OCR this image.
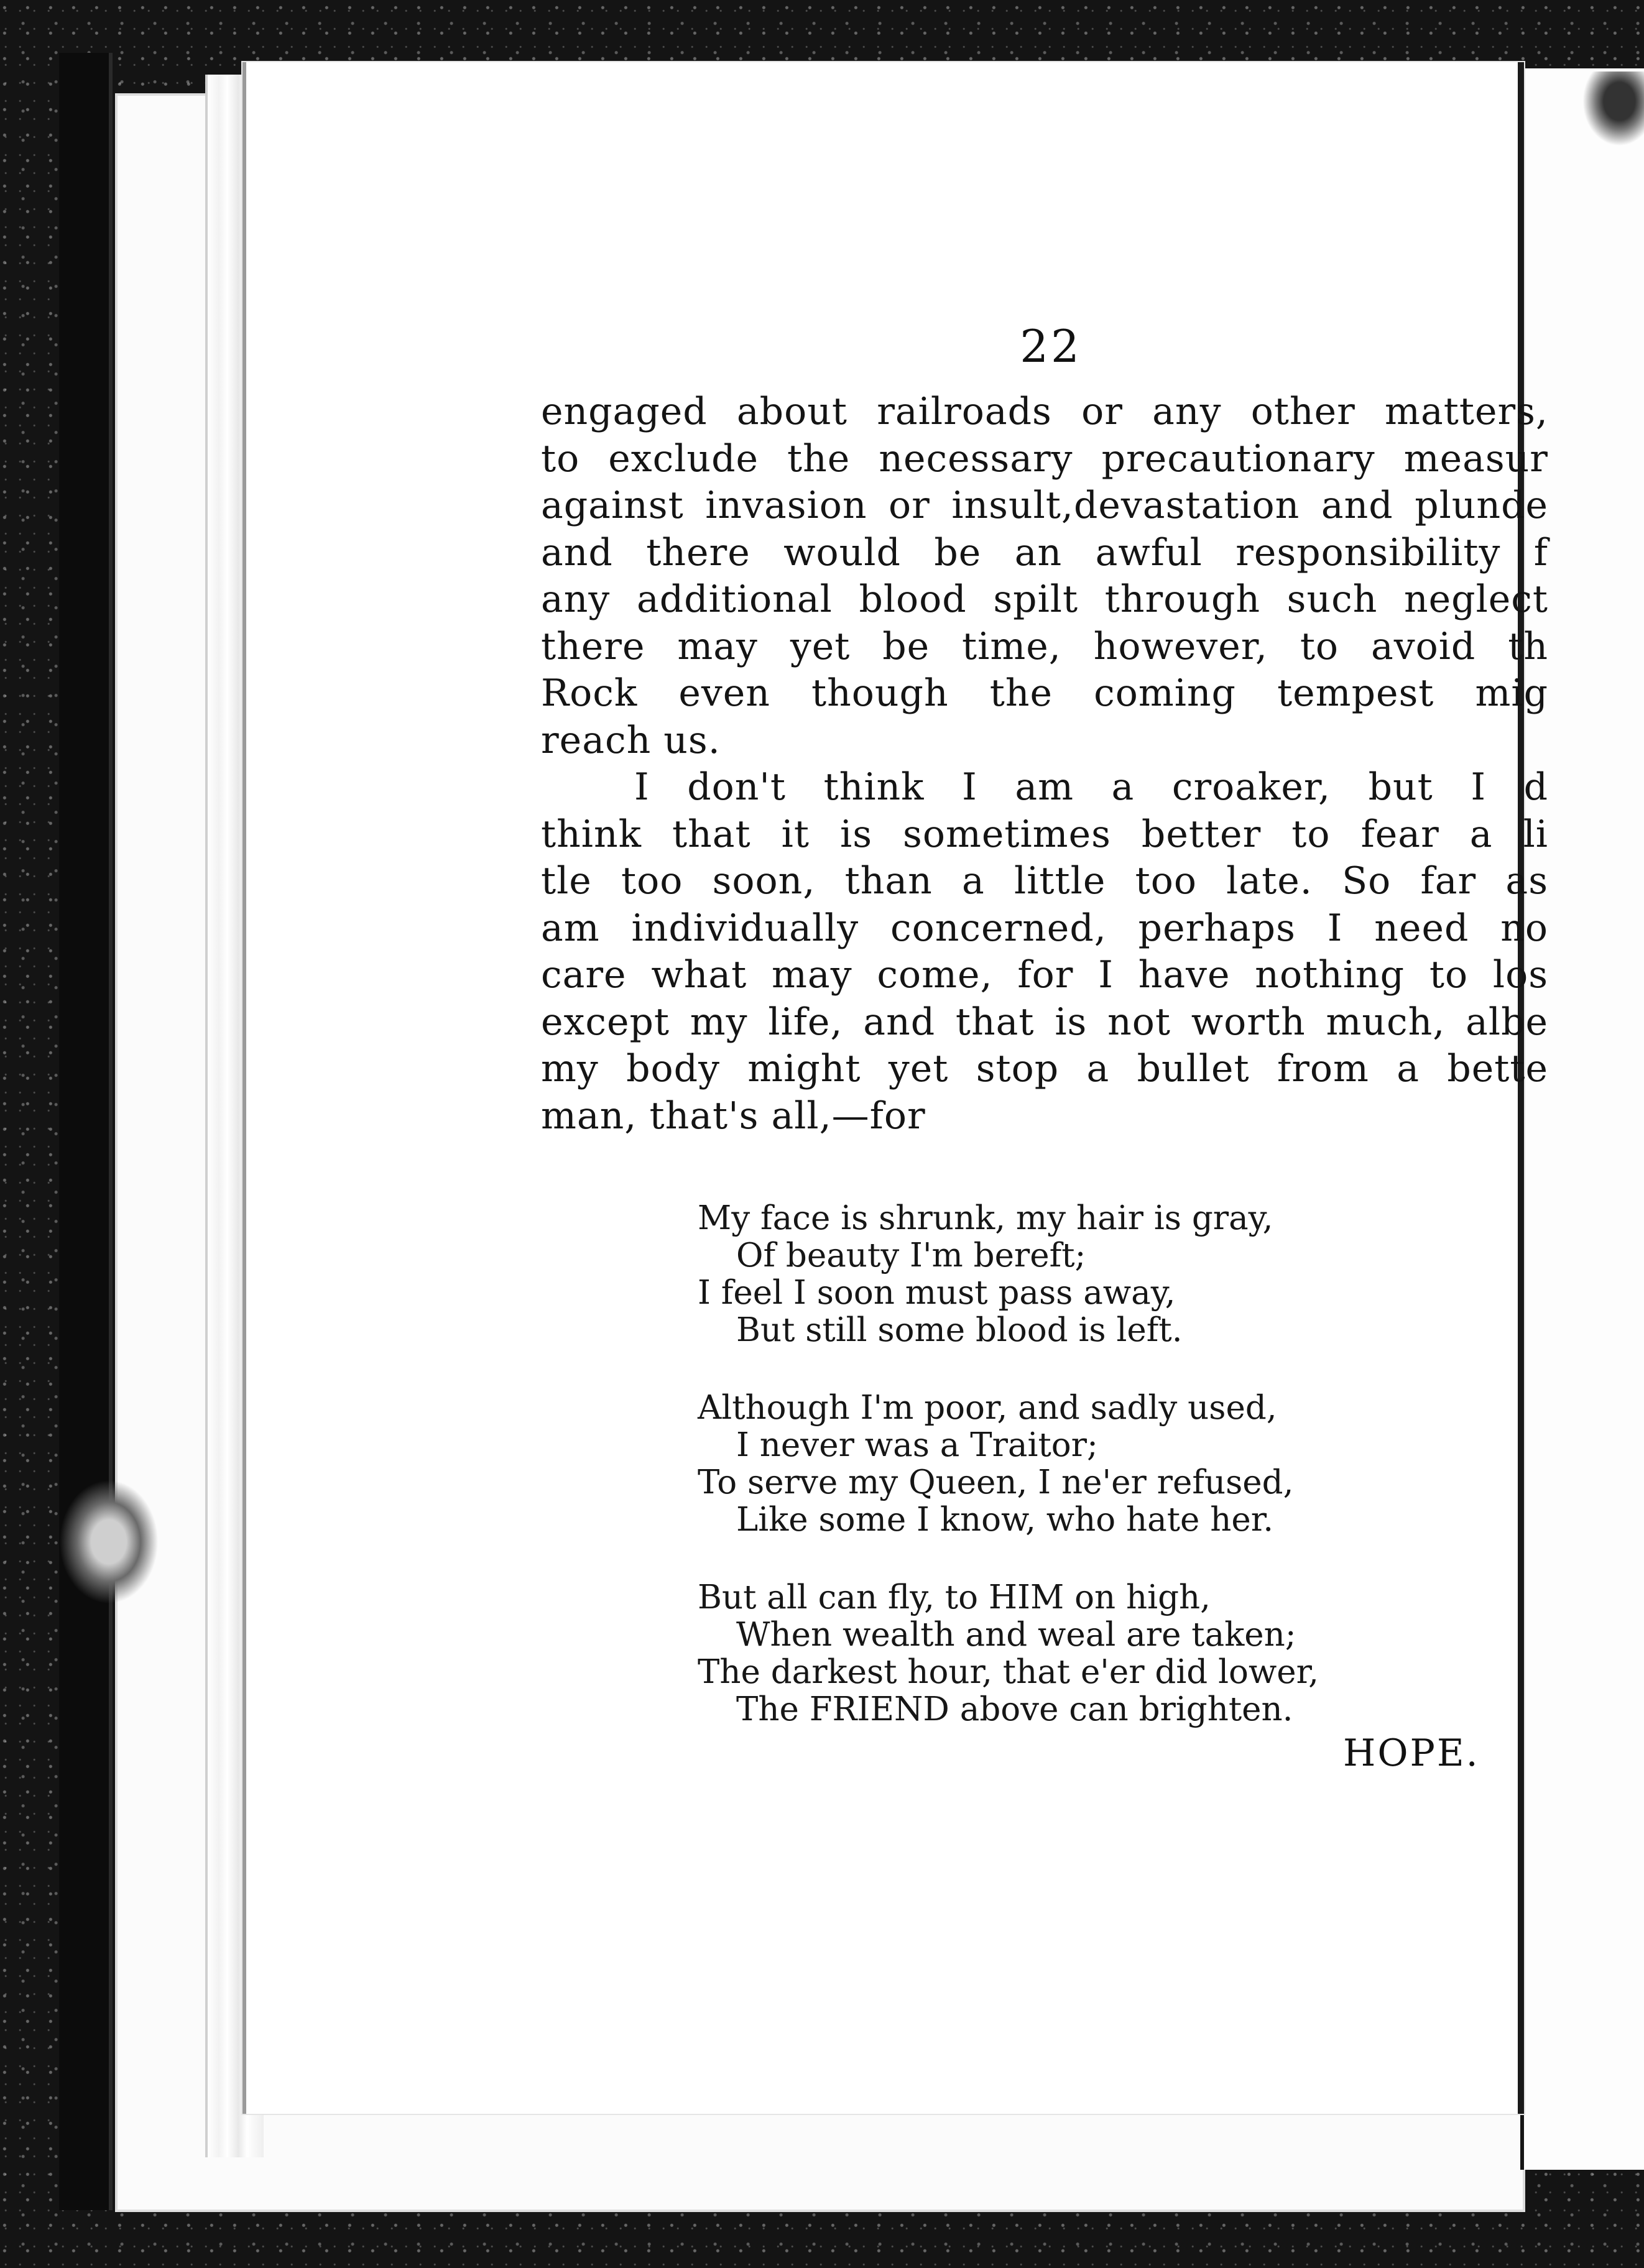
22
engaged about railroads or any other matters,
to exclude the necessary precautionary measur
against invasion or insult,devastation and plunde
and there would be an awful responsibility f
any additional blood spilt through such neglect
there may yet be time, however, to avoid th
Rock even though the coming tempest mig
reach us.
I don't think I am a croaker, but I d
think that it is sometimes better to fear a li
tle too soon, than a little too late. So far as
am individually concerned, perhaps I need no
care what may come, for I have nothing to los
except my life, and that is not worth much, albe
my body might yet stop a bullet from a bette
man, that's all,—for
My face is shrunk, my hair is gray,
Of beauty I'm bereft;
I feel I soon must pass away,
But still some blood is left.
Although I'm poor, and sadly used,
I never was a Traitor;
To serve my Queen, I ne'er refused,
Like some I know, who hate her.
But all can fly, to HIM on high,
When wealth and weal are taken;
The darkest hour, that e'er did lower,
The FRIEND above can brighten.
HOPE.
